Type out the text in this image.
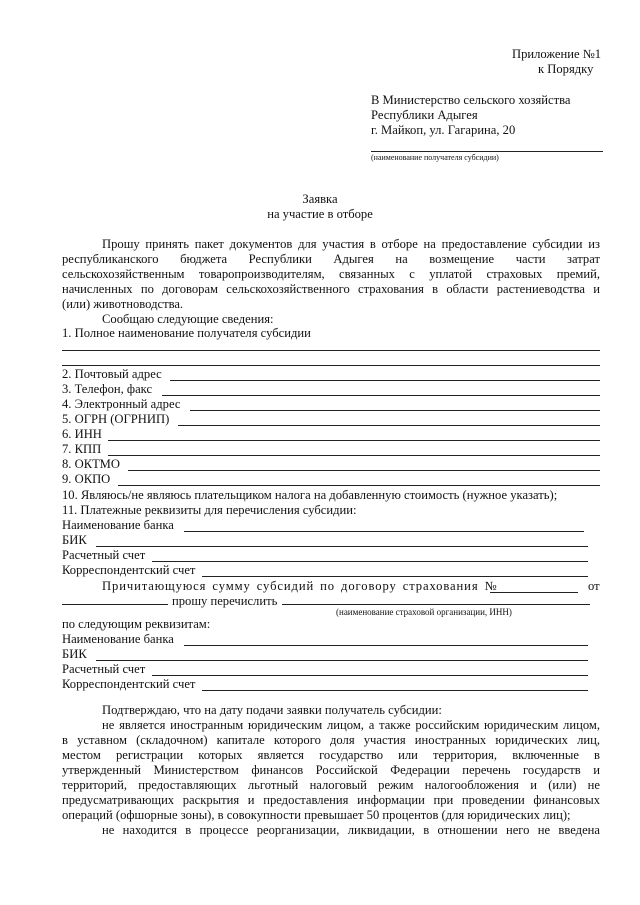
Приложение №1
к Порядку
В Министерство сельского хозяйства
Республики Адыгея
г. Майкоп, ул. Гагарина, 20
(наименование получателя субсидии)
Заявка
на участие в отборе
Прошу принять пакет документов для участия в отборе на предоставление субсидии из
республиканского бюджета Республики Адыгея на возмещение части затрат
сельскохозяйственным товаропроизводителям, связанных с уплатой страховых премий,
начисленных по договорам сельскохозяйственного страхования в области растениеводства и
(или) животноводства.
Сообщаю следующие сведения:
1. Полное наименование получателя субсидии
2. Почтовый адрес
3. Телефон, факс
4. Электронный адрес
5. ОГРН (ОГРНИП)
6. ИНН
7. КПП
8. ОКТМО
9. ОКПО
10. Являюсь/не являюсь плательщиком налога на добавленную стоимость (нужное указать);
11. Платежные реквизиты для перечисления субсидии:
Наименование банка
БИК
Расчетный счет
Корреспондентский счет
Причитающуюся сумму субсидий по договору страхования №	от
прошу перечислить
(наименование страховой организации, ИНН)
по следующим реквизитам:
Наименование банка
БИК
Расчетный счет
Корреспондентский счет
Подтверждаю, что на дату подачи заявки получатель субсидии:
не является иностранным юридическим лицом, а также российским юридическим лицом,
в уставном (складочном) капитале которого доля участия иностранных юридических лиц,
местом регистрации которых является государство или территория, включенные в
утвержденный Министерством финансов Российской Федерации перечень государств и
территорий, предоставляющих льготный налоговый режим налогообложения и (или) не
предусматривающих раскрытия и предоставления информации при проведении финансовых
операций (офшорные зоны), в совокупности превышает 50 процентов (для юридических лиц);
не находится в процессе реорганизации, ликвидации, в отношении него не введена
